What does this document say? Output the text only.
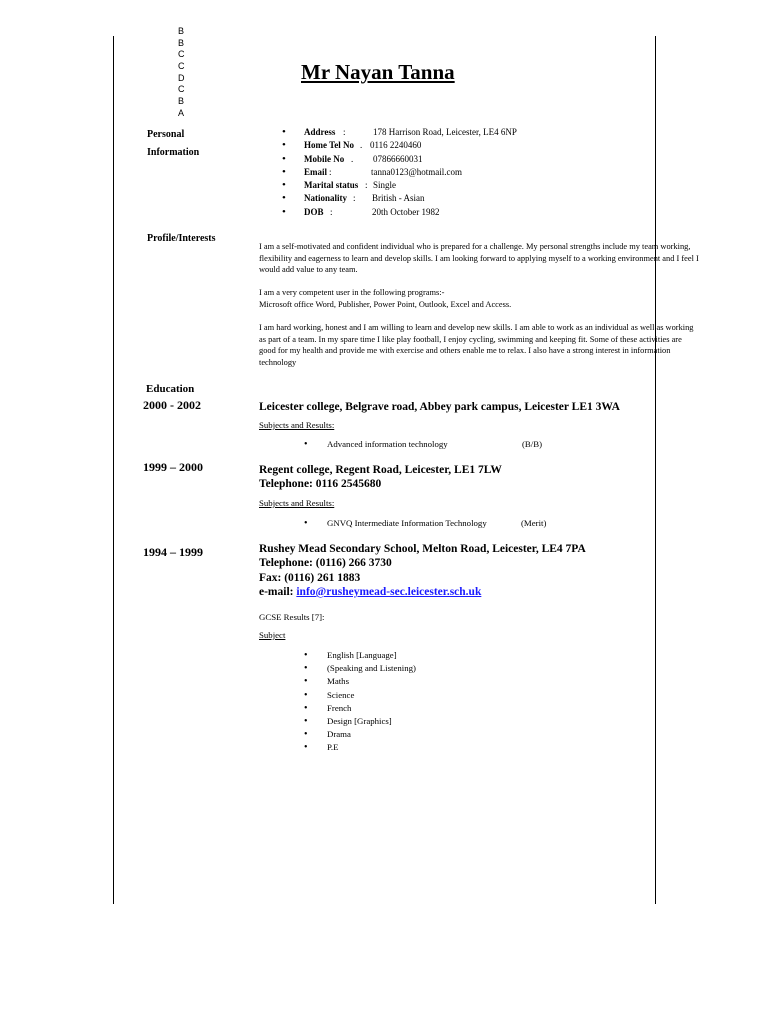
B
B
C
C
D
C
B
A
Mr Nayan Tanna
Personal
Information
• Address :	178 Harrison Road, Leicester, LE4 6NP
• Home Tel No . 0116 2240460
• Mobile No . 07866660031
• Email :	tanna0123@hotmail.com
• Marital status : Single
• Nationality : British - Asian
• DOB :	20th October 1982
Profile/Interests
I am a self-motivated and confident individual who is prepared for a challenge. My personal strengths include my team working, flexibility and eagerness to learn and develop skills. I am looking forward to applying myself to a working environment and I feel I would add value to any team.
I am a very competent user in the following programs:-
Microsoft office Word, Publisher, Power Point, Outlook, Excel and Access.
I am hard working, honest and I am willing to learn and develop new skills. I am able to work as an individual as well as working as part of a team. In my spare time I like play football, I enjoy cycling, swimming and keeping fit. Some of these activities are good for my health and provide me with exercise and others enable me to relax. I also have a strong interest in information technology
Education
2000 - 2002	Leicester college, Belgrave road, Abbey park campus, Leicester LE1 3WA
Subjects and Results:
• Advanced information technology	(B/B)
1999 – 2000	Regent college, Regent Road, Leicester, LE1 7LW
Telephone: 0116 2545680
Subjects and Results:
• GNVQ Intermediate Information Technology	(Merit)
1994 – 1999	Rushey Mead Secondary School, Melton Road, Leicester, LE4 7PA
Telephone: (0116) 266 3730
Fax: (0116) 261 1883
e-mail: info@rusheymead-sec.leicester.sch.uk
GCSE Results [7]:
Subject
• English [Language]
• (Speaking and Listening)
• Maths
• Science
• French
• Design [Graphics]
• Drama
• P.E
